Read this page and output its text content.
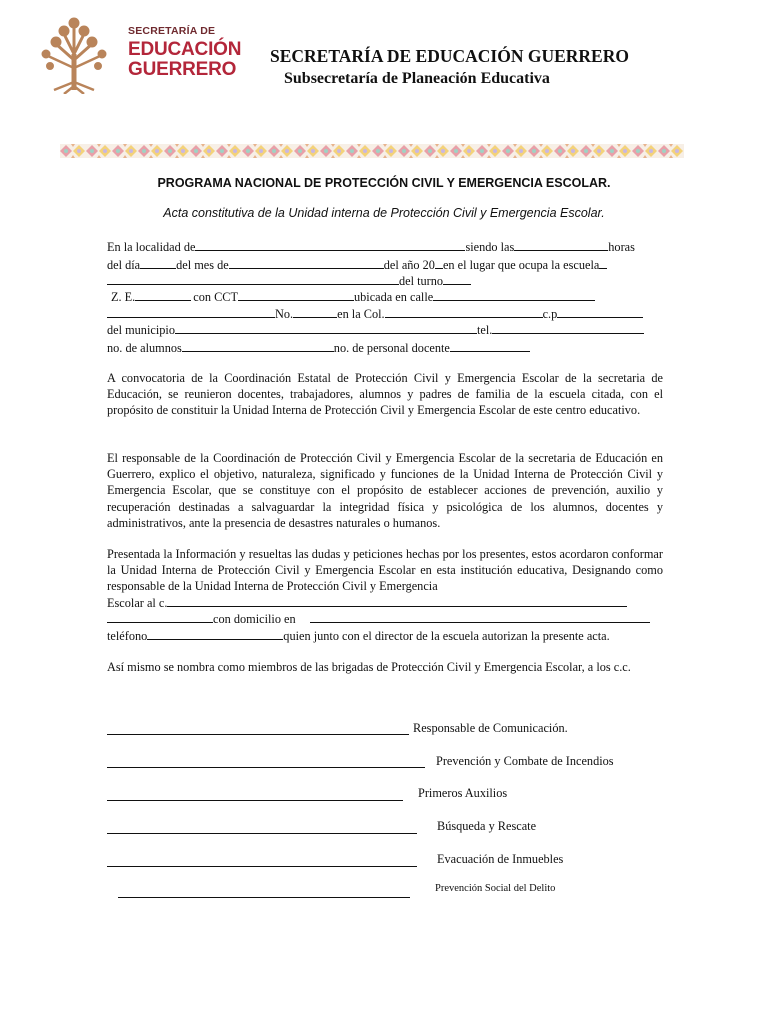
SECRETARÍA DE
EDUCACIÓN
GUERRERO
SECRETARÍA DE EDUCACIÓN GUERRERO
Subsecretaría de Planeación Educativa
PROGRAMA NACIONAL DE PROTECCIÓN CIVIL Y EMERGENCIA ESCOLAR.
Acta constitutiva de la Unidad interna de Protección Civil y Emergencia Escolar.
En la localidad de	siendo las	horas
del día	del mes de	del año 20 en el lugar que ocupa la escuela
del turno
Z. E.	con CCT	ubicada en calle
No.	en la Col.	c.p
del municipio	tel.
no. de alumnos	no. de personal docente
A convocatoria de la Coordinación Estatal de Protección Civil y Emergencia Escolar de la secretaria de Educación, se reunieron docentes, trabajadores, alumnos y padres de familia de la escuela citada, con el propósito de constituir la Unidad Interna de Protección Civil y Emergencia Escolar de este centro educativo.
El responsable de la Coordinación de Protección Civil y Emergencia Escolar de la secretaria de Educación en Guerrero, explico el objetivo, naturaleza, significado y funciones de la Unidad Interna de Protección Civil y Emergencia Escolar, que se constituye con el propósito de establecer acciones de prevención, auxilio y recuperación destinadas a salvaguardar la integridad física y psicológica de los alumnos, docentes y administrativos, ante la presencia de desastres naturales o humanos.
Presentada la Información y resueltas las dudas y peticiones hechas por los presentes, estos acordaron conformar la Unidad Interna de Protección Civil y Emergencia Escolar en esta institución educativa, Designando como responsable de la Unidad Interna de Protección Civil y Emergencia
Escolar al c.
con domicilio en
teléfono	quien junto con el director de la escuela autorizan la presente acta.
Así mismo se nombra como miembros de las brigadas de Protección Civil y Emergencia Escolar, a los c.c.
Responsable de Comunicación.
Prevención y Combate de Incendios
Primeros Auxilios
Búsqueda y Rescate
Evacuación de Inmuebles
Prevención Social del Delito
